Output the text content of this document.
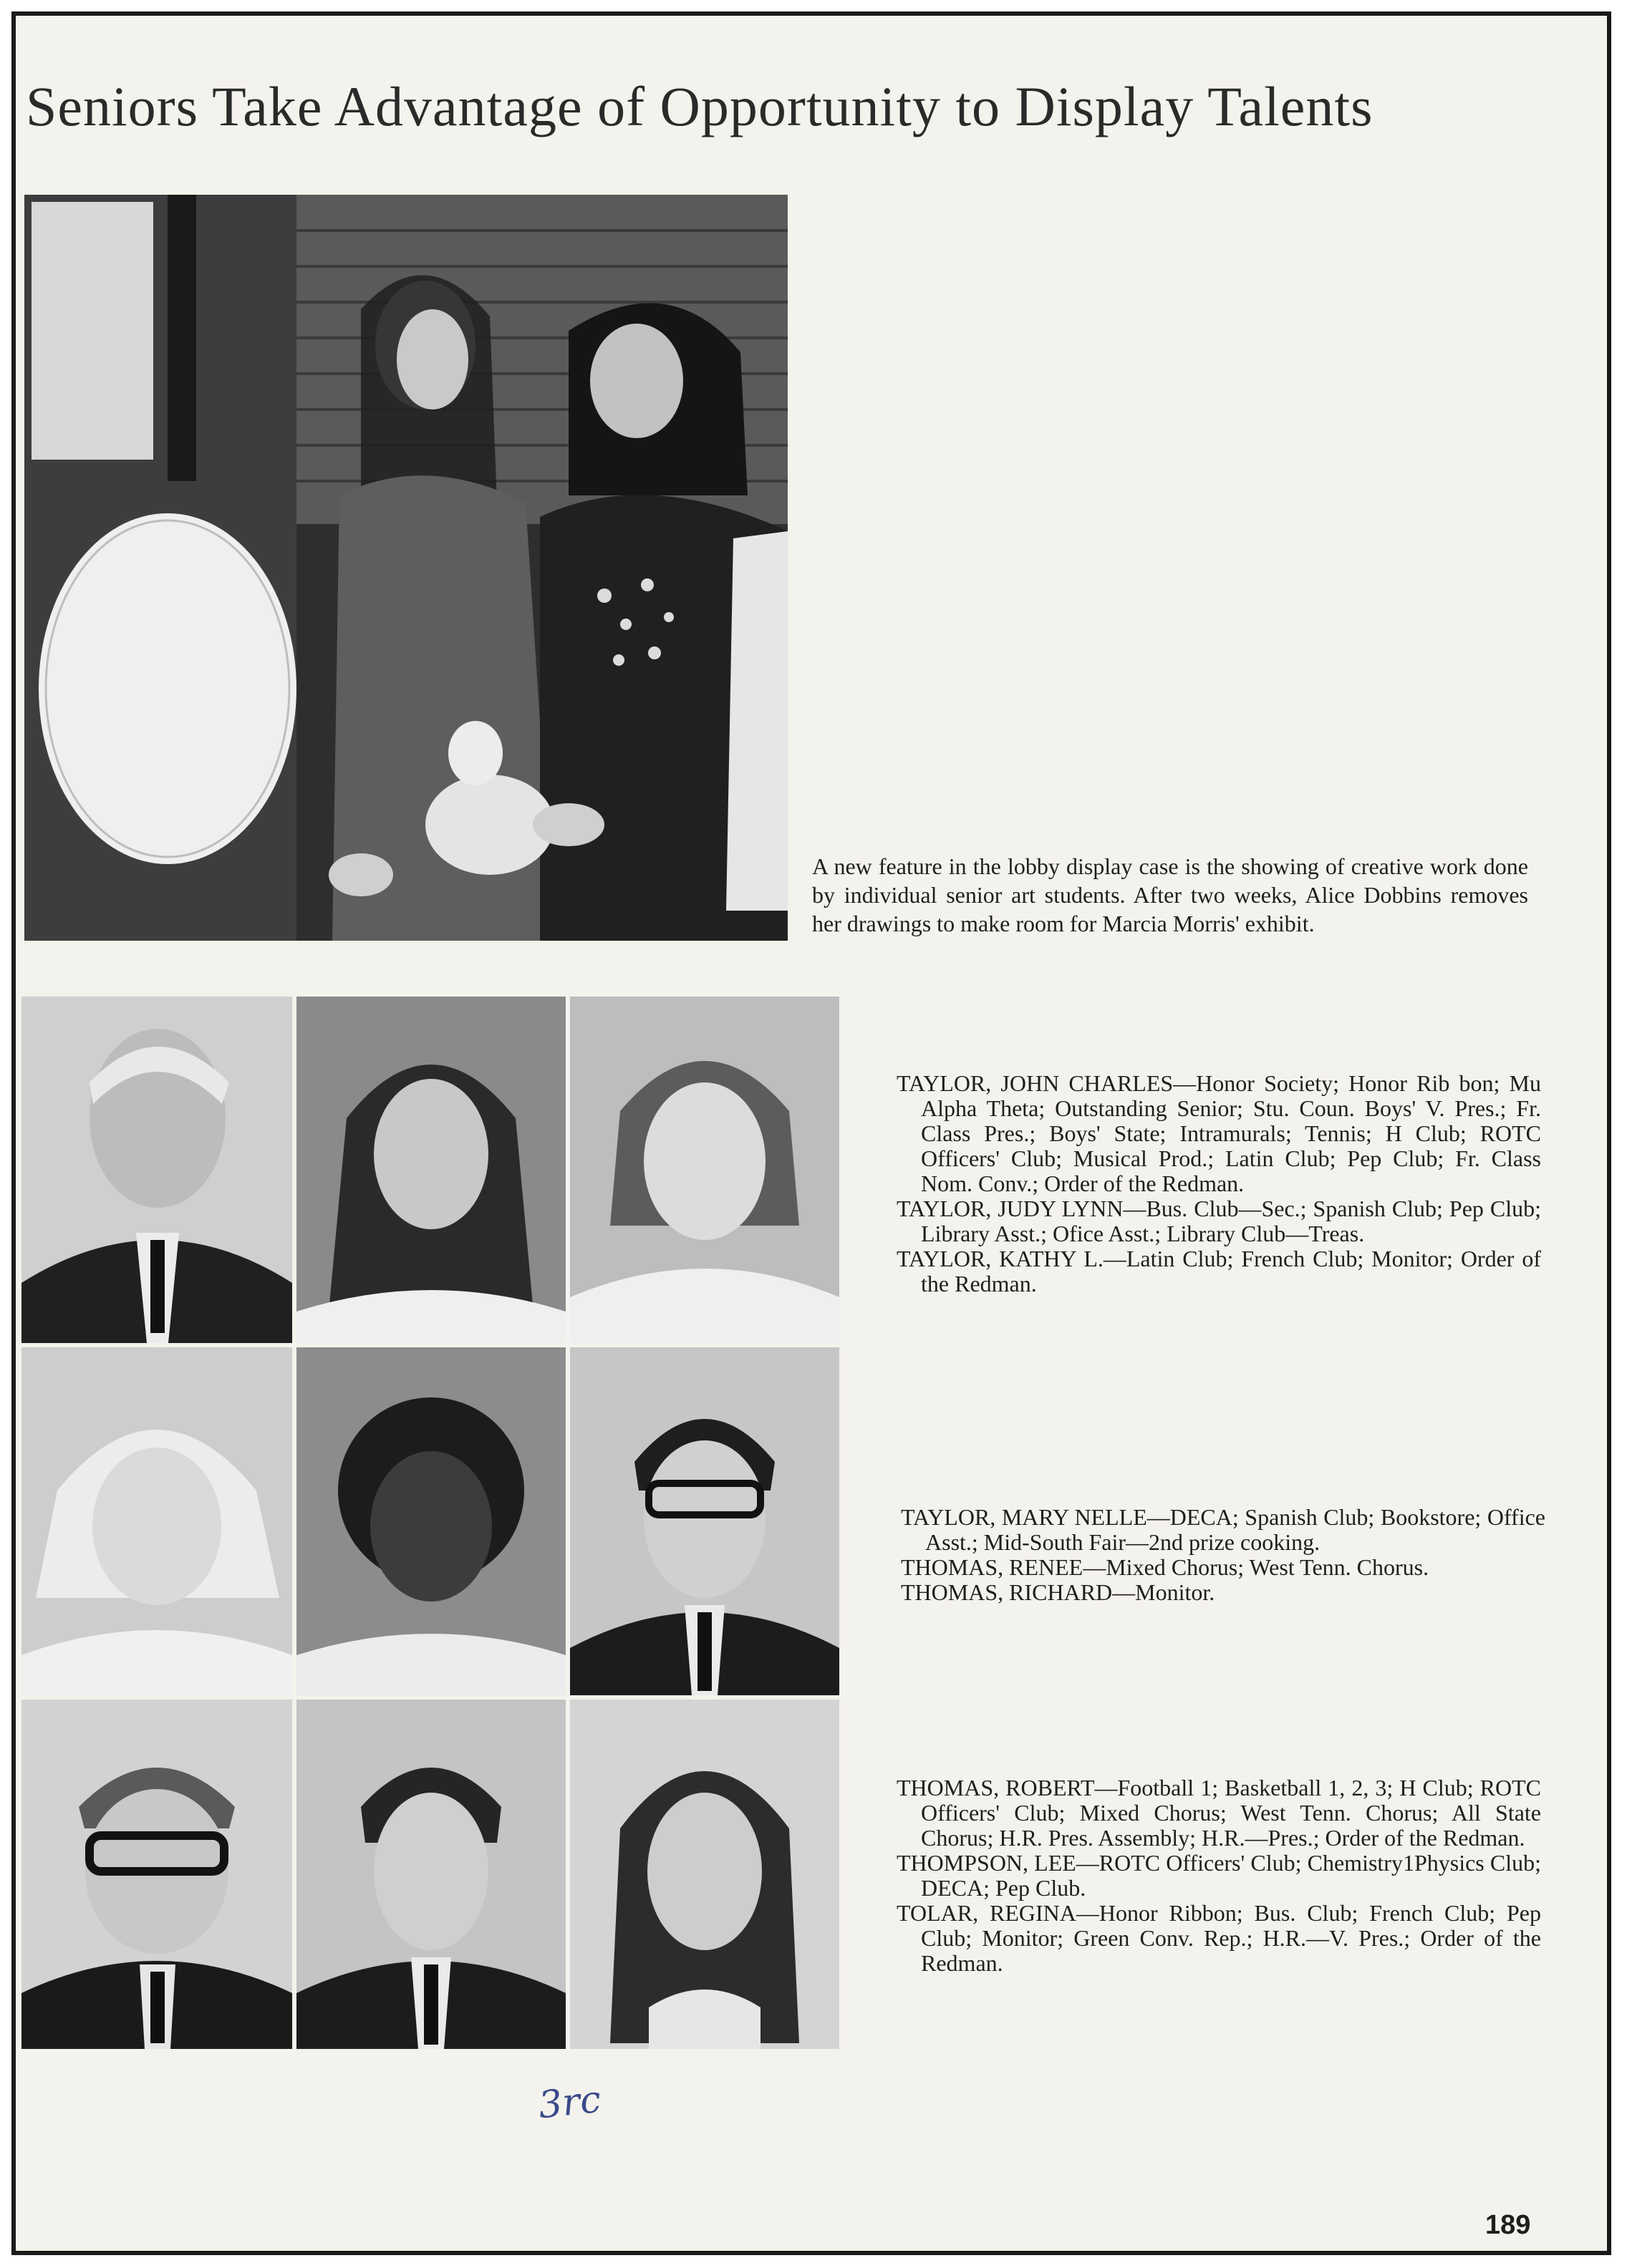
Seniors Take Advantage of Opportunity to Display Talents
A new feature in the lobby display case is the showing of creative work done by individual senior art students. After two weeks, Alice Dobbins removes her drawings to make room for Marcia Morris' exhibit.

TAYLOR, JOHN CHARLES—Honor Society; Honor Rib bon; Mu Alpha Theta; Outstanding Senior; Stu. Coun. Boys' V. Pres.; Fr. Class Pres.; Boys' State; Intramurals; Tennis; H Club; ROTC Officers' Club; Musical Prod.; Latin Club; Pep Club; Fr. Class Nom. Conv.; Order of the Redman.

TAYLOR, JUDY LYNN—Bus. Club—Sec.; Spanish Club; Pep Club; Library Asst.; Ofice Asst.; Library Club—Treas.

TAYLOR, KATHY L.—Latin Club; French Club; Monitor; Order of the Redman.

TAYLOR, MARY NELLE—DECA; Spanish Club; Bookstore; Office Asst.; Mid-South Fair—2nd prize cooking.

THOMAS, RENEE—Mixed Chorus; West Tenn. Chorus.

THOMAS, RICHARD—Monitor.

THOMAS, ROBERT—Football 1; Basketball 1, 2, 3; H Club; ROTC Officers' Club; Mixed Chorus; West Tenn. Chorus; All State Chorus; H.R. Pres. Assembly; H.R.—Pres.; Order of the Redman.

THOMPSON, LEE—ROTC Officers' Club; Chemistry1Physics Club; DECA; Pep Club.

TOLAR, REGINA—Honor Ribbon; Bus. Club; French Club; Pep Club; Monitor; Green Conv. Rep.; H.R.—V. Pres.; Order of the Redman.

3rc
189
